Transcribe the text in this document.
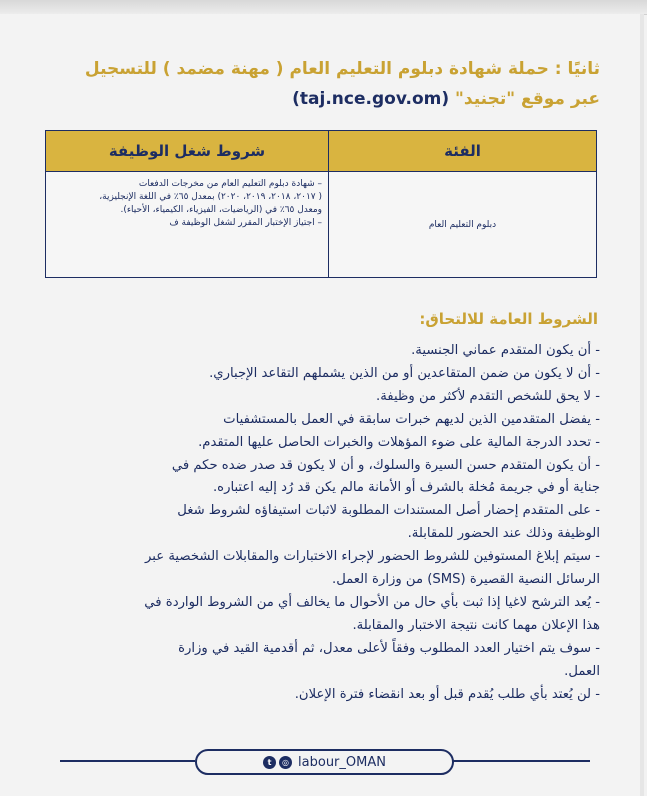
ثانيًا : حملة شهادة دبلوم التعليم العام ( مهنة مضمد ) للتسجيل
عبر موقع "تجنيد" (taj.nce.gov.om)
الفئة	شروط شغل الوظيفة
دبلوم التعليم العام	– شهادة دبلوم التعليم العام من مخرجات الدفعات
( ٢٠١٧، ٢٠١٨، ٢٠١٩، ٢٠٢٠) بمعدل ٦٥٪ في اللغة الإنجليزية،
ومعدل ٦٥٪ في (الرياضيات، الفيزياء، الكيمياء، الأحياء).
– اجتياز الإختبار المقرر لشغل الوظيفة ف
الشروط العامة للالتحاق:
- أن يكون المتقدم عماني الجنسية.
- أن لا يكون من ضمن المتقاعدين أو من الذين يشملهم التقاعد الإجباري.
- لا يحق للشخص التقدم لأكثر من وظيفة.
- يفضل المتقدمين الذين لديهم خبرات سابقة في العمل بالمستشفيات
- تحدد الدرجة المالية على ضوء المؤهلات والخبرات الحاصل عليها المتقدم.
- أن يكون المتقدم حسن السيرة والسلوك، و أن لا يكون قد صدر ضده حكم في
جناية أو في جريمة مُخلة بالشرف أو الأمانة مالم يكن قد رُد إليه اعتباره.
- على المتقدم إحضار أصل المستندات المطلوبة لاثبات استيفاؤه لشروط شغل
الوظيفة وذلك عند الحضور للمقابلة.
- سيتم إبلاغ المستوفين للشروط الحضور لإجراء الاختبارات والمقابلات الشخصية عبر
الرسائل النصية القصيرة (SMS) من وزارة العمل.
- يُعد الترشح لاغيا إذا ثبت بأي حال من الأحوال ما يخالف أي من الشروط الواردة في
هذا الإعلان مهما كانت نتيجة الاختبار والمقابلة.
- سوف يتم اختيار العدد المطلوب وفقاً لأعلى معدل، ثم أقدمية القيد في وزارة
العمل.
- لن يُعتد بأي طلب يُقدم قبل أو بعد انقضاء فترة الإعلان.
t	◎ labour_OMAN
